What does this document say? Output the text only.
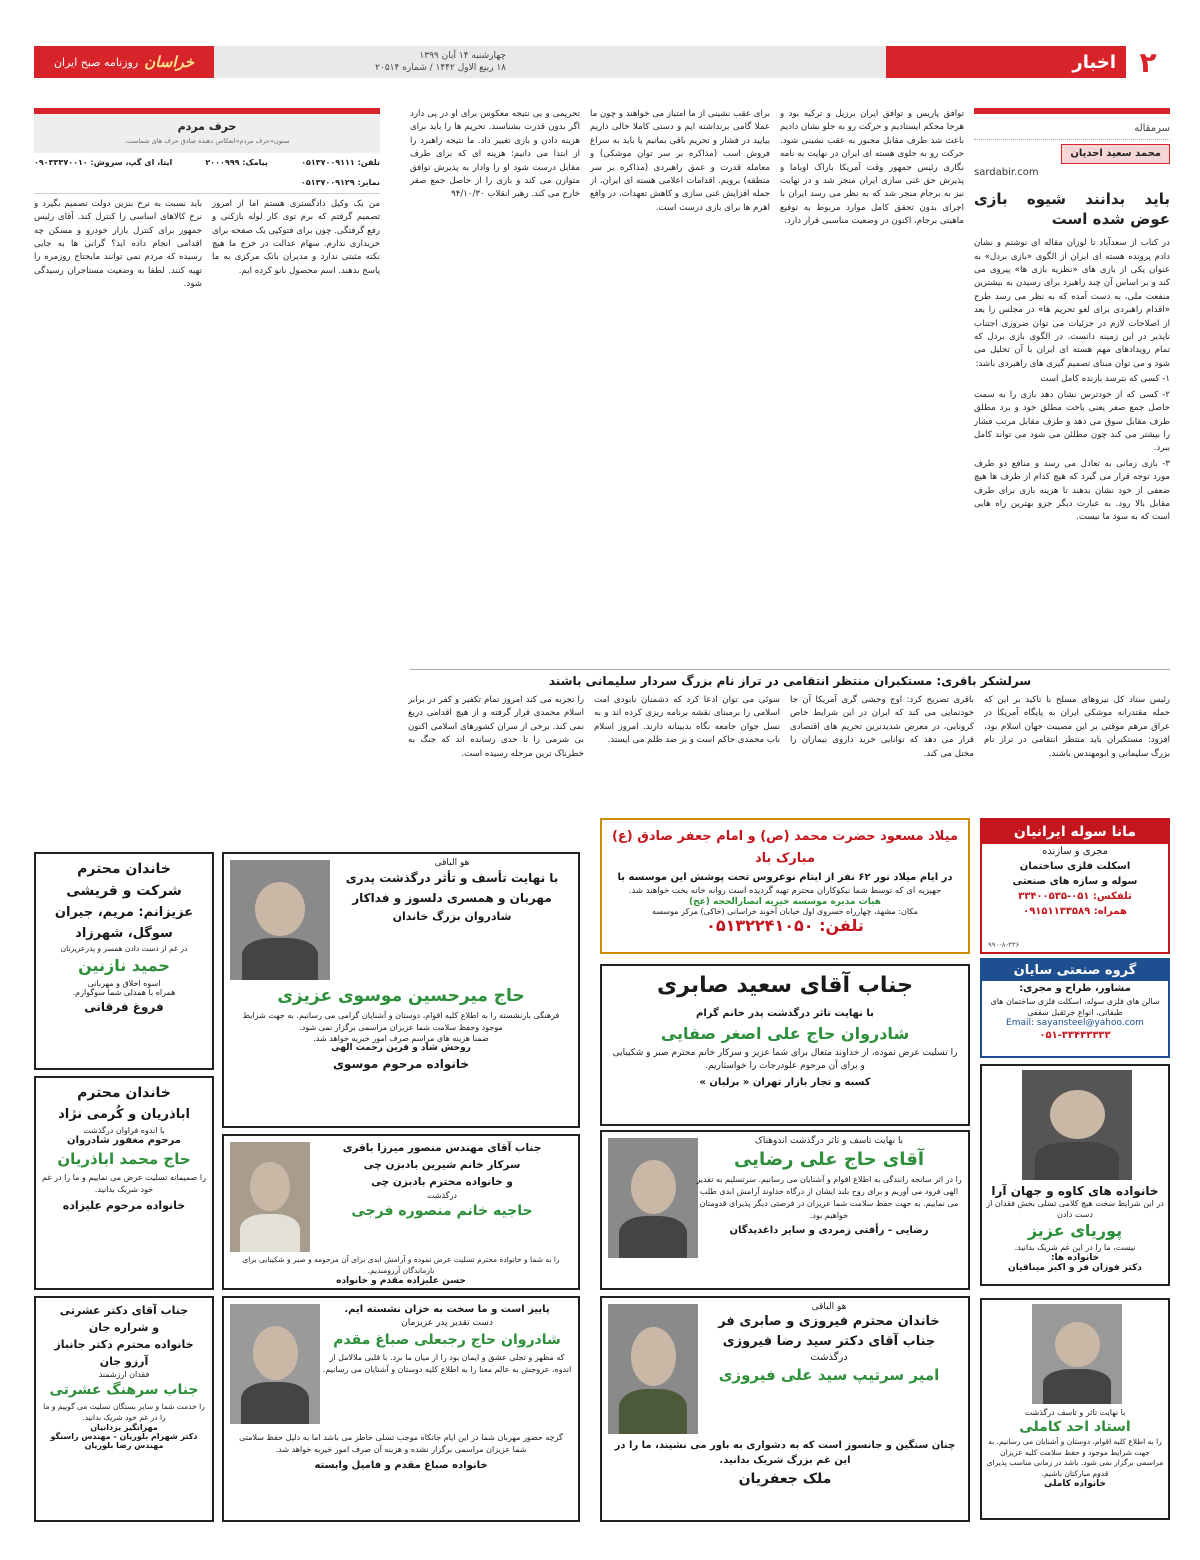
۲
اخبار
چهارشنبه ۱۴ آبان ۱۳۹۹
۱۸ ربیع الاول ۱۴۴۲ / شماره ۲۰۵۱۴
خراسان
روزنامه صبح ایران
سرمقاله
محمد سعید احدیان
sardabir.com
باید بدانند شیوه بازی عوض شده است

در کتاب از سعدآباد تا لوزان مقاله ای نوشتم و نشان دادم پرونده هسته ای ایران از الگوی «بازی بردل» به عنوان یکی از بازی های «نظریه بازی ها» پیروی می کند و بر اساس آن چند راهبرد برای رسیدن به بیشترین منفعت ملی، به دست آمده که به نظر می رسد طرح «اقدام راهبردی برای لغو تحریم ها» در مجلس را بعد از اصلاحات لازم در جزئیات می توان ضروری اجتناب ناپذیر در این زمینه دانست. در الگوی بازی بردل که تمام رویدادهای مهم هسته ای ایران با آن تحلیل می شود و می توان مبنای تصمیم گیری های راهبردی باشد:

۱- کسی که بترسد بازنده کامل است

۲- کسی که از خودترس نشان دهد بازی را به سمت حاصل جمع صفر یعنی باخت مطلق خود و برد مطلق طرف مقابل سوق می دهد و طرف مقابل مرتب فشار را بیشتر می کند چون مطلئن می شود می تواند کامل ببرد.

۳- بازی زمانی به تعادل می رسد و منافع دو طرف مورد توجه قرار می گیرد که هیچ کدام از طرف ها هیچ ضعفی از خود نشان ندهند تا هزینه بازی برای طرف مقابل بالا رود. به عبارت دیگر جزو بهترین راه هایی است که به سود ما نیست.

توافق پاریس و توافق ایران برزیل و ترکیه بود و هرجا محکم ایستادیم و حرکت رو به جلو نشان دادیم باعث شد طرف مقابل مجبور به عقب نشینی شود. حرکت رو به جلوی هسته ای ایران در نهایت به نامه نگاری رئیس جمهور وقت آمریکا باراک اوباما و پذیرش حق غنی سازی ایران منجر شد و در نهایت نیز به برجام منجر شد که به نظر می رسد ایران با اجرای بدون تحقق کامل موارد مربوط به توقیع ماهیتی برجام، اکنون در وضعیت مناسبی قرار دارد.

برای عقب نشینی از ما امتیاز می خواهند و چون ما عملا گامی برنداشته ایم و دستی کاملا خالی داریم بیایید در فشار و تحریم باقی بمانیم یا باید به سراغ فروش اسب (مذاکره بر سر توان موشکی) و معامله قدرت و عمق راهبردی (مذاکره بر سر منطقه) برویم. اقدامات اعلامی هسته ای ایران، از جمله افزایش غنی سازی و کاهش تعهدات، در واقع اهرم ها برای بازی درست است.

تحریمی و بی نتیجه معکوس برای او در پی دارد اگر بدون قدرت بشناسند. تحریم ها را باید برای هزینه دادن و بازی تغییر داد. ما نتیجه راهبرد را از ابتدا می دانیم: هزینه ای که برای طرف مقابل درست شود او را وادار به پذیرش توافق متوازن می کند و بازی را از حاصل جمع صفر خارج می کند. رهبر انقلاب ۹۴/۱۰/۳۰

حرف مردم
ستون«حرف مردم»انعکاس دهنده صادق حرف های شماست.
تلفن: ۰۵۱۳۷۰۰۹۱۱۱
پیامک: ۲۰۰۰۹۹۹
ایتا، ای گپ، سروش: ۰۹۰۳۳۳۷۰۰۱۰
نمابر: ۰۵۱۳۷۰۰۹۱۲۹

من یک وکیل دادگستری هستم اما از امروز تصمیم گرفتم که برم توی کار لوله بازکنی و رفع گرفتگی. چون برای فتوکپی یک صفحه برای خریداری ندارم. سهام عدالت در خرج ما هیچ نکته مثبتی ندارد و مدیران بانک مرکزی به ما پاسخ بدهند. اسم محصول نانو کرده ایم.

باید نسبت به نرخ بنزین دولت تصمیم بگیرد و نرخ کالاهای اساسی را کنترل کند. آقای رئیس جمهور برای کنترل بازار خودرو و مسکن چه اقدامی انجام داده اید؟ گرانی ها به جایی رسیده که مردم نمی توانند مایحتاج روزمره را تهیه کنند. لطفا به وضعیت مستاجران رسیدگی شود.

سرلشکر باقری: مستکبران منتظر انتقامی در تراز نام بزرگ سردار سلیمانی باشند
رئیس ستاد کل نیروهای مسلح با تاکید بر این که حمله مقتدرانه موشکی ایران به پایگاه آمریکا در عراق مرهم موقتی بر این مصیبت جهان اسلام بود، افزود: مستکبران باید منتظر انتقامی در تراز نام بزرگ سلیمانی و ابومهندس باشند.
باقری تصریح کرد: اوج وحشی گری آمریکا آن جا خودنمایی می کند که ایران در این شرایط خاص کرونایی، در معرض شدیدترین تحریم های اقتصادی قرار می دهد که توانایی خرید داروی بیماران را مختل می کند.
سوئی می توان ادعا کرد که دشمنان نابودی امت اسلامی را برمبنای نقشه برنامه ریزی کرده اند و به نسل جوان جامعه نگاه بدبینانه دارند. امروز اسلام ناب محمدی حاکم است و بر ضد ظلم می ایستد.
را تجربه می کند امروز تمام تکفیر و کفر در برابر اسلام محمدی قرار گرفته و از هیچ اقدامی دریغ نمی کند. برخی از سران کشورهای اسلامی اکنون بی شرمی را تا حدی رسانده اند که جنگ به خطرناک ترین مرحله رسیده است.
مانا سوله ایرانیان
مجری و سازنده
اسکلت فلزی ساختمان
سوله و سازه های صنعتی
تلفکس: ۰۵۱-۳۳۴۰۰۵۳۵
همراه: ۰۹۱۵۱۱۳۳۵۸۹
۹۹۰-۸-۳۳۶
گروه صنعتی سایان
مشاور، طراح و مجری:
سالن های فلزی سوله، اسکلت فلزی ساختمان های طبقاتی، انواع جرثقیل سقفی
Email: sayansteel@yahoo.com
۰۵۱-۳۳۴۳۳۳۳۳
خانواده های کاوه و جهان آرا
در این شرایط سخت هیچ کلامی تسلی بخش فقدان از دست دادن
پوریای عزیز
نیست، ما را در این غم شریک بدانید.
خانواده ها:
دکتر فوزان فر و اکبر میناقیان
با نهایت تاثر و تاسف درگذشت
استاد احد کاملی
را به اطلاع کلیه اقوام، دوستان و آشنایان می رسانیم. به جهت شرایط موجود و حفظ سلامت کلیه عزیزان مراسمی برگزار نمی شود. باشد در زمانی مناسب پذیرای قدوم مبارکتان باشیم.
خانواده کاملی
میلاد مسعود حضرت محمد (ص) و امام جعفر صادق (ع) مبارک باد
در ایام میلاد نور ۶۲ نفر از ایتام نوعروس تحت پوشش این موسسه با
جهیزیه ای که توسط شما نیکوکاران محترم تهیه گردیده است روانه خانه بخت خواهند شد.
هیات مدیره موسسه خیریه انصارالحجه (عج)
مکان: مشهد، چهارراه خسروی اول خیابان آخوند خراسانی (خاکی) مرکز موسسه
تلفن: ۰۵۱۳۲۲۴۱۰۵۰
جناب آقای سعید صابری
با نهایت تاثر درگذشت پدر خانم گرام
شادروان حاج علی اصغر صفایی
را تسلیت عرض نموده، از خداوند متعال برای شما عزیز و سرکار خانم محترم صبر و شکیبایی و برای آن مرحوم علودرجات را خواستاریم.
کسبه و تجار بازار تهران « برلیان »
با نهایت تاسف و تاثر درگذشت اندوهناک
آقای حاج علی رضایی
را در اثر سانحه رانندگی به اطلاع اقوام و آشنایان می رسانیم. سرتسلیم به تقدیر الهی فرود می آوریم و برای روح بلند ایشان از درگاه خداوند آرامش ابدی طلب می نماییم. به جهت حفظ سلامت شما عزیزان در فرصتی دیگر پذیرای قدومتان خواهیم بود.
رضایی - رأفتی زمردی و سایر داغدیدگان
هو الباقی
خاندان محترم فیروزی و صابری فر
جناب آقای دکتر سید رضا فیروزی
درگذشت
امیر سرتیپ سید علی فیروزی
چنان سنگین و جانسوز است که به دشواری به باور می نشیند، ما را در این غم بزرگ شریک بدانید.
ملک جعفریان
هو الباقی
با نهایت تأسف و تأثر درگذشت پدری
مهربان و همسری دلسوز و فداکار
شادروان بزرگ خاندان
حاج میرحسین موسوی عزیزی
فرهنگی بازنشسته را به اطلاع کلیه اقوام، دوستان و آشنایان گرامی می رسانیم. به جهت شرایط موجود وحفظ سلامت شما عزیزان مراسمی برگزار نمی شود.
ضمنا هزینه های مراسم صرف امور خیریه خواهد شد.
روحش شاد و قرین رحمت الهی
خانواده مرحوم موسوی
جناب آقای مهندس منصور میرزا باقری
سرکار خانم شیرین بادبزن چی
و خانواده محترم بادبزن چی
درگذشت
حاجیه خانم منصوره فرجی
را به شما و خانواده محترم تسلیت عرض نموده و آرامش ابدی برای آن مرحومه و صبر و شکیبایی برای بازماندگان آرزومندیم.
حسن علیزاده مقدم و خانواده
پاییز است و ما سخت به خزان نشسته ایم.
دست تقدیر پدر عزیزمان
شادروان حاج رجبعلی صباغ مقدم
که مظهر و تجلی عشق و ایمان بود را از میان ما برد. با قلبی ملالامل از اندوه، عروجش به عالم معنا را به اطلاع کلیه دوستان و آشنایان می رسانیم.
گرچه حضور مهربان شما در این ایام جانکاه موجب تسلی خاطر می باشد اما به دلیل حفظ سلامتی شما عزیزان مراسمی برگزار نشده و هزینه آن صرف امور خیریه خواهد شد.
خانواده صباغ مقدم و فامیل وابسته
خاندان محترم
شرکت و قریشی
عزیزانم: مریم، جیران
سوگل، شهرزاد
در غم از دست دادن همسر و پدرعزیزتان
حمید نازنین
اسوه اخلاق و مهربانی
همراه با همدلی شما سوگوارم.
فروغ فرقانی
خاندان محترم
اباذریان و کُرمی نژاد
با اندوه فراوان درگذشت
مرحوم مغفور شادروان
حاج محمد اباذریان
را صمیمانه تسلیت عرض می نماییم و ما را در غم خود شریک بدانید.
خانواده مرحوم علیزاده
جناب آقای دکتر عشرتی
و شراره جان
خانواده محترم دکتر جانباز
آرزو جان
فقدان ارزشمند
جناب سرهنگ عشرتی
را خدمت شما و سایر بستگان تسلیت می گوییم و ما را در غم خود شریک بدانید.
مهرانگیز یزدانیان
دکتر شهرام بلوریان - مهندس راسنگو
مهندس رضا بلوریان
